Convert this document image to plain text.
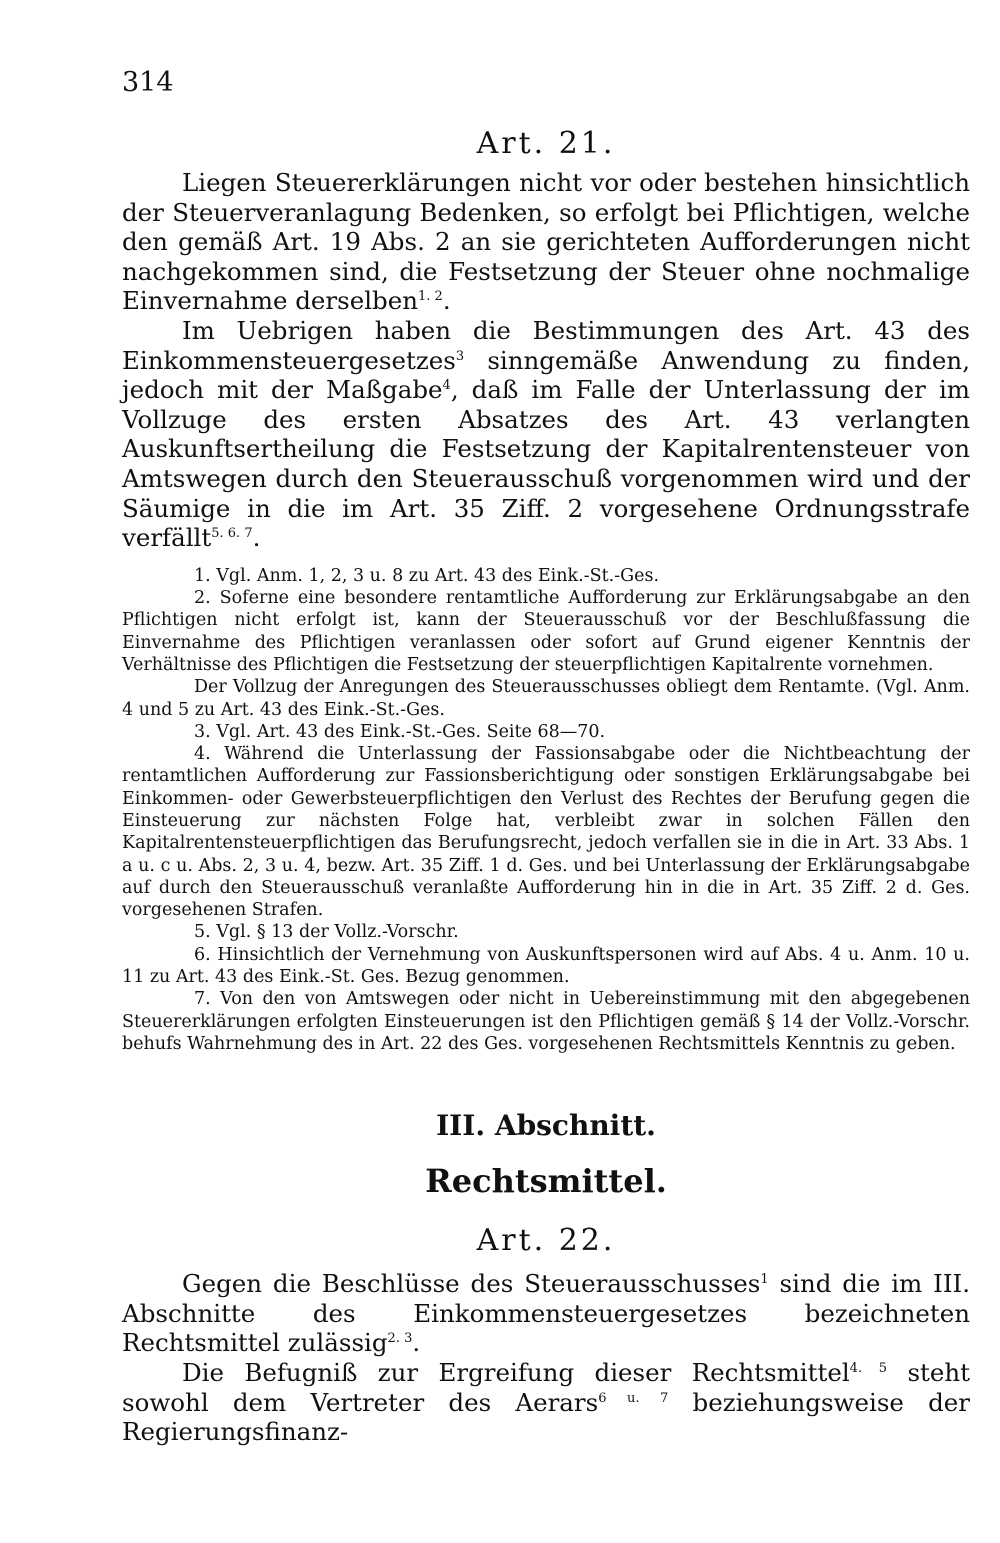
314
Art. 21.

Liegen Steuererklärungen nicht vor oder bestehen hinsichtlich der Steuerveranlagung Bedenken, so erfolgt bei Pflichtigen, welche den gemäß Art. 19 Abs. 2 an sie gerichteten Aufforderungen nicht nachgekommen sind, die Festsetzung der Steuer ohne nochmalige Einvernahme derselben$^{1. 2}$.

Im Uebrigen haben die Bestimmungen des Art. 43 des Einkommensteuergesetzes$^3$ sinngemäße Anwendung zu finden, jedoch mit der Maßgabe$^4$, daß im Falle der Unterlassung der im Vollzuge des ersten Absatzes des Art. 43 verlangten Auskunftsertheilung die Festsetzung der Kapitalrentensteuer von Amtswegen durch den Steuerausschuß vorgenommen wird und der Säumige in die im Art. 35 Ziff. 2 vorgesehene Ordnungsstrafe verfällt$^{5. 6. 7}$.

1. Vgl. Anm. 1, 2, 3 u. 8 zu Art. 43 des Eink.-St.-Ges.

2. Soferne eine besondere rentamtliche Aufforderung zur Erklärungsabgabe an den Pflichtigen nicht erfolgt ist, kann der Steuerausschuß vor der Beschlußfassung die Einvernahme des Pflichtigen veranlassen oder sofort auf Grund eigener Kenntnis der Verhältnisse des Pflichtigen die Festsetzung der steuerpflichtigen Kapitalrente vornehmen.

Der Vollzug der Anregungen des Steuerausschusses obliegt dem Rentamte. (Vgl. Anm. 4 und 5 zu Art. 43 des Eink.-St.-Ges.

3. Vgl. Art. 43 des Eink.-St.-Ges. Seite 68—70.

4. Während die Unterlassung der Fassionsabgabe oder die Nichtbeachtung der rentamtlichen Aufforderung zur Fassionsberichtigung oder sonstigen Erklärungsabgabe bei Einkommen- oder Gewerbsteuerpflichtigen den Verlust des Rechtes der Berufung gegen die Einsteuerung zur nächsten Folge hat, verbleibt zwar in solchen Fällen den Kapitalrentensteuerpflichtigen das Berufungsrecht, jedoch verfallen sie in die in Art. 33 Abs. 1 a u. c u. Abs. 2, 3 u. 4, bezw. Art. 35 Ziff. 1 d. Ges. und bei Unterlassung der Erklärungsabgabe auf durch den Steuerausschuß veranlaßte Aufforderung hin in die in Art. 35 Ziff. 2 d. Ges. vorgesehenen Strafen.

5. Vgl. § 13 der Vollz.-Vorschr.

6. Hinsichtlich der Vernehmung von Auskunftspersonen wird auf Abs. 4 u. Anm. 10 u. 11 zu Art. 43 des Eink.-St. Ges. Bezug genommen.

7. Von den von Amtswegen oder nicht in Uebereinstimmung mit den abgegebenen Steuererklärungen erfolgten Einsteuerungen ist den Pflichtigen gemäß § 14 der Vollz.-Vorschr. behufs Wahrnehmung des in Art. 22 des Ges. vorgesehenen Rechtsmittels Kenntnis zu geben.

III. Abschnitt.
Rechtsmittel.
Art. 22.

Gegen die Beschlüsse des Steuerausschusses$^1$ sind die im III. Abschnitte des Einkommensteuergesetzes bezeichneten Rechtsmittel zulässig$^{2. 3}$.

Die Befugniß zur Ergreifung dieser Rechtsmittel$^{4. 5}$ steht sowohl dem Vertreter des Aerars$^{6 u. 7}$ beziehungsweise der Regierungsfinanz-
